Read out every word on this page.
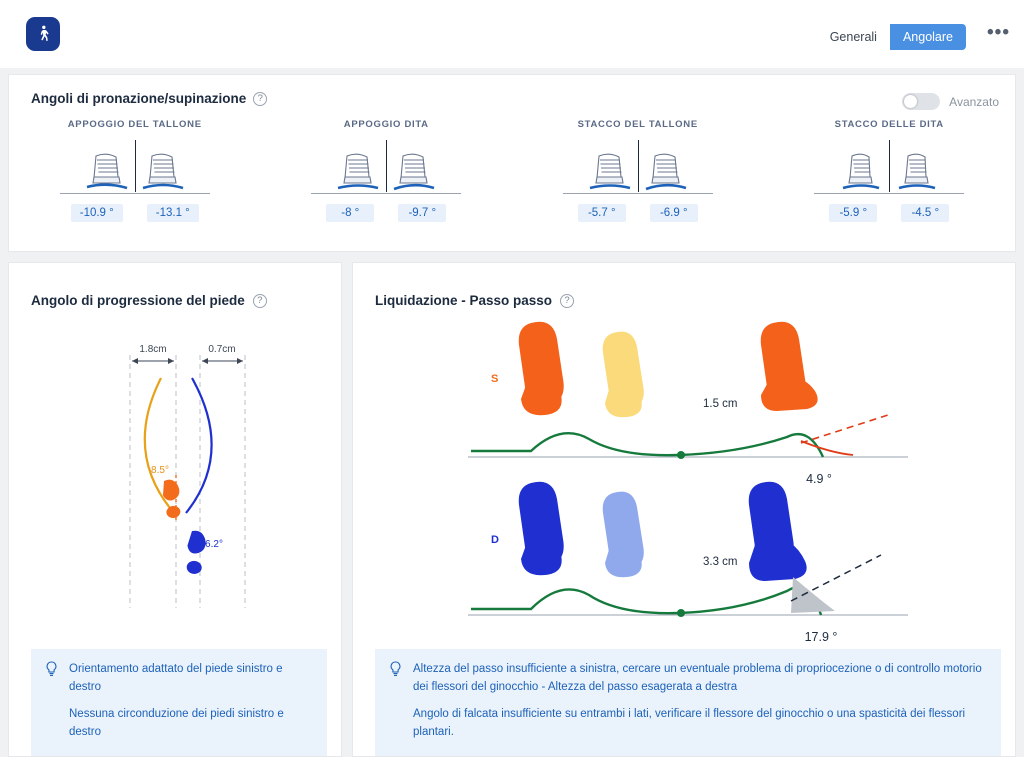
Generali	Angolare	•••
Angoli di pronazione/supinazione	?	Avanzato
APPOGGIO DEL TALLONE
-10.9 °	-13.1 °
APPOGGIO DITA
-8 °	-9.7 °
STACCO DEL TALLONE
-5.7 °	-6.9 °
STACCO DELLE DITA
-5.9 °	-4.5 °
Angolo di progressione del piede	?
1.8cm	0.7cm
8.5°
6.2°

Orientamento adattato del piede sinistro e destro

Nessuna circonduzione dei piedi sinistro e destro

Liquidazione - Passo passo	?
S
1.5 cm
4.9 °
D
3.3 cm
17.9 °

Altezza del passo insufficiente a sinistra, cercare un eventuale problema di propriocezione o di controllo motorio dei flessori del ginocchio - Altezza del passo esagerata a destra

Angolo di falcata insufficiente su entrambi i lati, verificare il flessore del ginocchio o una spasticità dei flessori plantari.
